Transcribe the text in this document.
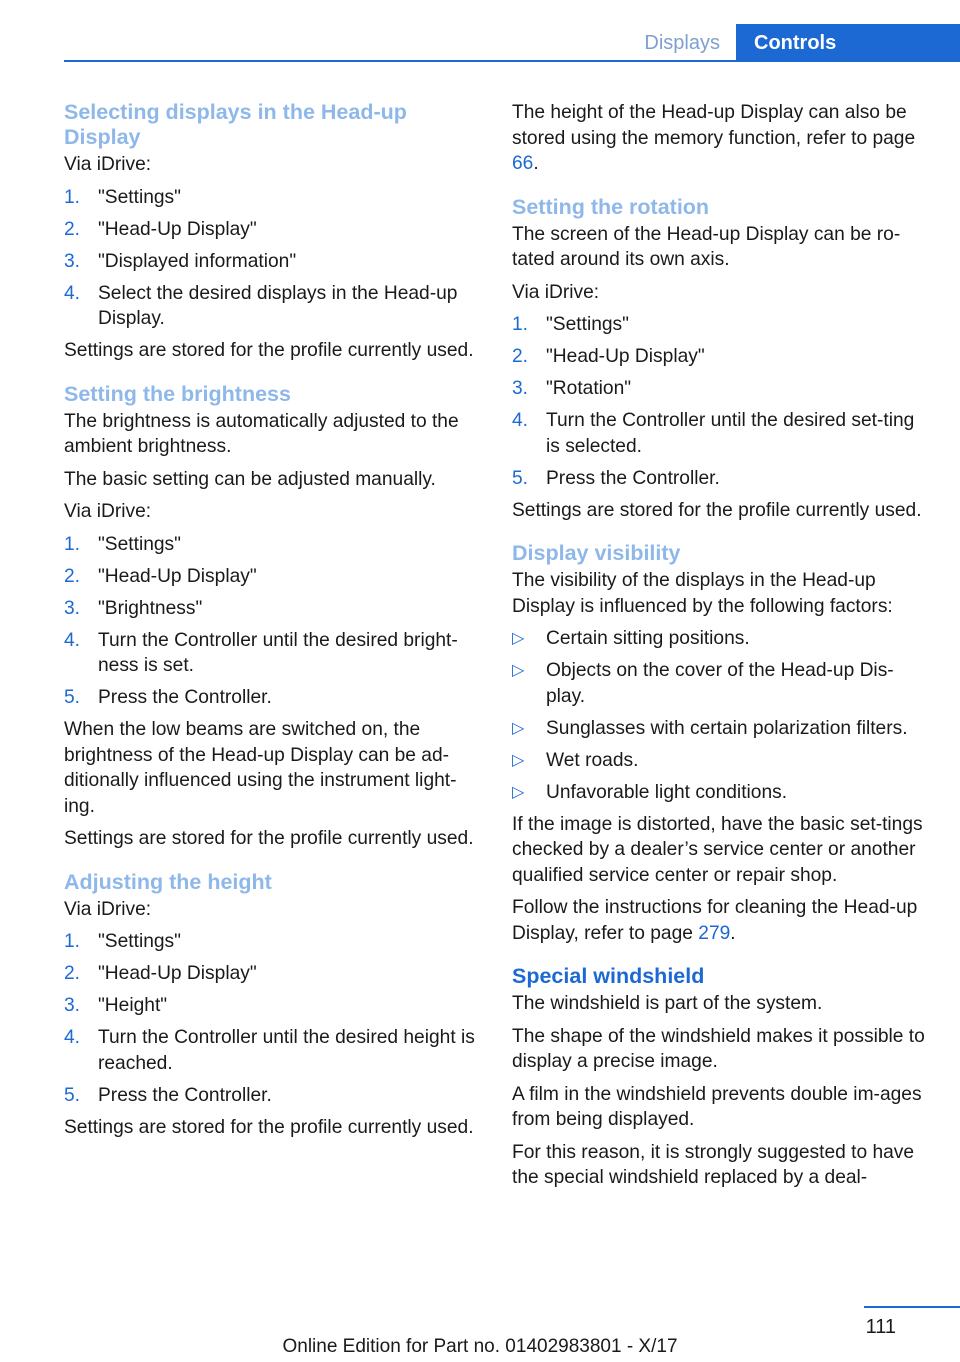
Displays	Controls
Selecting displays in the Head-up Display

Via iDrive:

1. "Settings"
2. "Head-Up Display"
3. "Displayed information"
4. Select the desired displays in the Head-up Display.

Settings are stored for the profile currently used.

Setting the brightness

The brightness is automatically adjusted to the ambient brightness.

The basic setting can be adjusted manually.

Via iDrive:

1. "Settings"
2. "Head-Up Display"
3. "Brightness"
4. Turn the Controller until the desired bright‐ness is set.
5. Press the Controller.

When the low beams are switched on, the brightness of the Head-up Display can be ad‐ditionally influenced using the instrument light‐ing.

Settings are stored for the profile currently used.

Adjusting the height

Via iDrive:

1. "Settings"
2. "Head-Up Display"
3. "Height"
4. Turn the Controller until the desired height is reached.
5. Press the Controller.

Settings are stored for the profile currently used.

The height of the Head-up Display can also be stored using the memory function, refer to page 66.

Setting the rotation

The screen of the Head-up Display can be ro‐tated around its own axis.

Via iDrive:

1. "Settings"
2. "Head-Up Display"
3. "Rotation"
4. Turn the Controller until the desired set‐ting is selected.
5. Press the Controller.

Settings are stored for the profile currently used.

Display visibility

The visibility of the displays in the Head-up Display is influenced by the following factors:

▷ Certain sitting positions.
▷ Objects on the cover of the Head-up Dis‐play.
▷ Sunglasses with certain polarization filters.
▷ Wet roads.
▷ Unfavorable light conditions.

If the image is distorted, have the basic set‐tings checked by a dealer’s service center or another qualified service center or repair shop.

Follow the instructions for cleaning the Head-up Display, refer to page 279.

Special windshield

The windshield is part of the system.

The shape of the windshield makes it possible to display a precise image.

A film in the windshield prevents double im‐ages from being displayed.

For this reason, it is strongly suggested to have the special windshield replaced by a deal‐

111
Online Edition for Part no. 01402983801 - X/17
